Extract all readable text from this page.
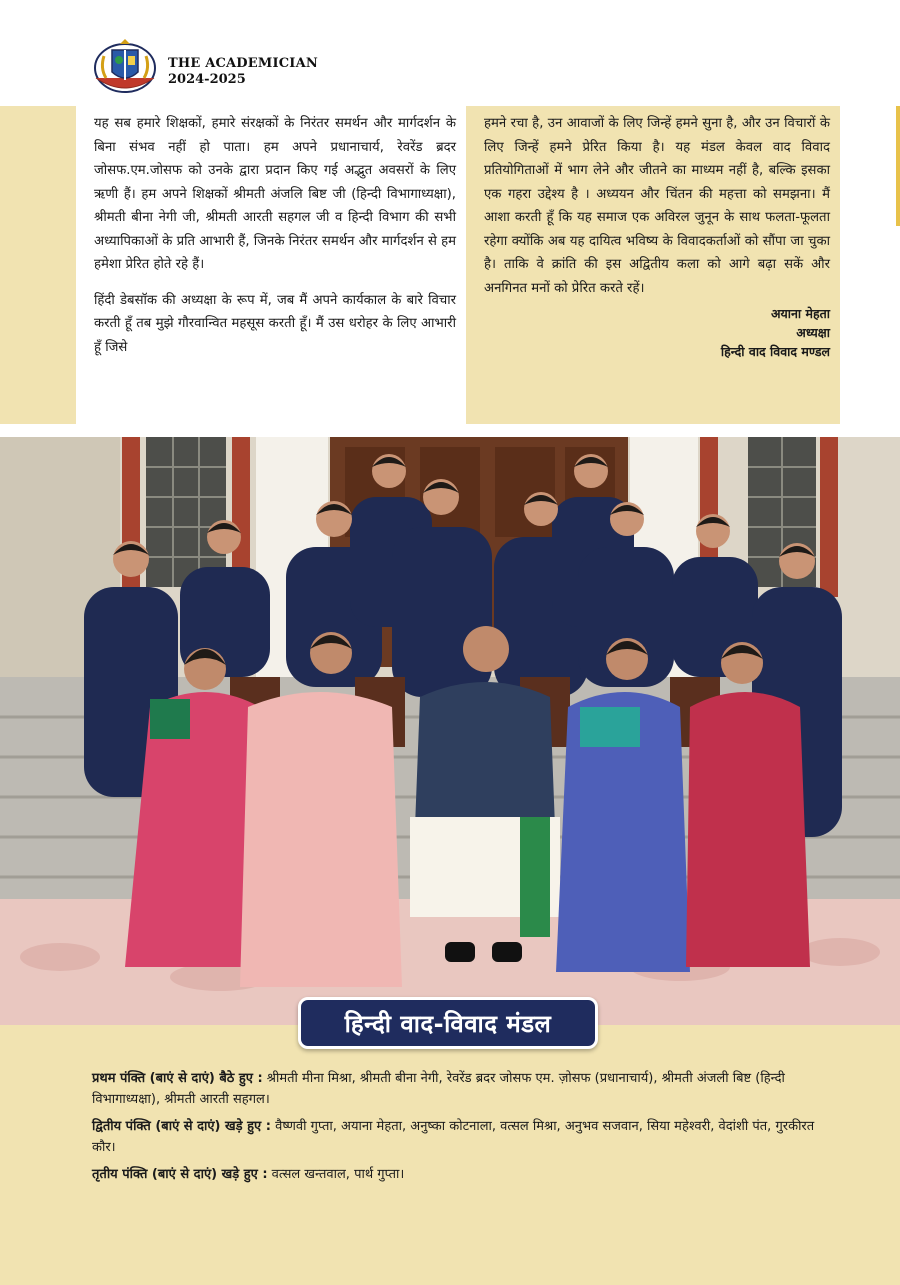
THE ACADEMICIAN
2024-2025

यह सब हमारे शिक्षकों, हमारे संरक्षकों के निरंतर समर्थन और मार्गदर्शन के बिना संभव नहीं हो पाता। हम अपने प्रधानाचार्य, रेवरेंड ब्रदर जोसफ.एम.जोसफ को उनके द्वारा प्रदान किए गई अद्भुत अवसरों के लिए ऋणी हैं। हम अपने शिक्षकों श्रीमती अंजलि बिष्ट जी (हिन्दी विभागाध्यक्षा), श्रीमती बीना नेगी जी, श्रीमती आरती सहगल जी व हिन्दी विभाग की सभी अध्यापिकाओं के प्रति आभारी हैं, जिनके निरंतर समर्थन और मार्गदर्शन से हम हमेशा प्रेरित होते रहे हैं।

हिंदी डेबसॉक की अध्यक्षा के रूप में, जब मैं अपने कार्यकाल के बारे विचार करती हूँ तब मुझे गौरवान्वित महसूस करती हूँ। मैं उस धरोहर के लिए आभारी हूँ जिसे

हमने रचा है, उन आवाजों के लिए जिन्हें हमने सुना है, और उन विचारों के लिए जिन्हें हमने प्रेरित किया है। यह मंडल केवल वाद विवाद प्रतियोगिताओं में भाग लेने और जीतने का माध्यम नहीं है, बल्कि इसका एक गहरा उद्देश्य है । अध्ययन और चिंतन की महत्ता को समझना। मैं आशा करती हूँ कि यह समाज एक अविरल जुनून के साथ फलता-फूलता रहेगा क्योंकि अब यह दायित्व भविष्य के विवादकर्ताओं को सौंपा जा चुका है। ताकि वे क्रांति की इस अद्वितीय कला को आगे बढ़ा सकें और अनगिनत मनों को प्रेरित करते रहें।

अयाना मेहता

अध्यक्षा

हिन्दी वाद विवाद मण्डल

हिन्दी वाद-विवाद मंडल

प्रथम पंक्ति (बाएं से दाएं) बैठे हुए : श्रीमती मीना मिश्रा, श्रीमती बीना नेगी, रेवरेंड ब्रदर जोसफ एम. ज़ोसफ (प्रधानाचार्य), श्रीमती अंजली बिष्ट (हिन्दी विभागाध्यक्षा), श्रीमती आरती सहगल।

द्वितीय पंक्ति (बाएं से दाएं) खड़े हुए : वैष्णवी गुप्ता, अयाना मेहता, अनुष्का कोटनाला, वत्सल मिश्रा, अनुभव सजवान, सिया महेश्वरी, वेदांशी पंत, गुरकीरत कौर।

तृतीय पंक्ति (बाएं से दाएं) खड़े हुए : वत्सल खन्तवाल, पार्थ गुप्ता।
